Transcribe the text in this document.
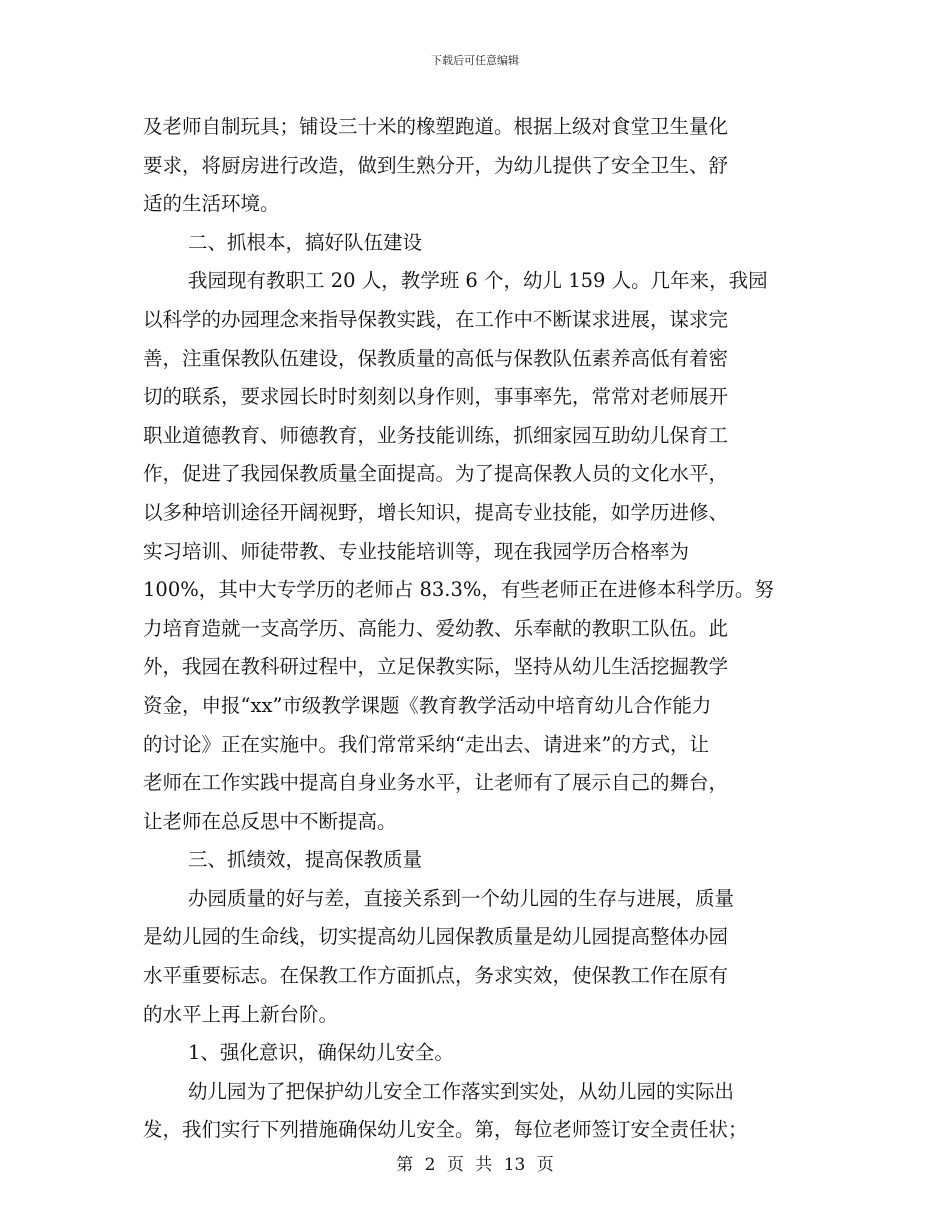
下载后可任意编辑
及老师自制玩具；铺设三十米的橡塑跑道。根据上级对食堂卫生量化
要求，将厨房进行改造，做到生熟分开，为幼儿提供了安全卫生、舒
适的生活环境。
二、抓根本，搞好队伍建设
我园现有教职工 20 人，教学班 6 个，幼儿 159 人。几年来，我园
以科学的办园理念来指导保教实践，在工作中不断谋求进展，谋求完
善，注重保教队伍建设，保教质量的高低与保教队伍素养高低有着密
切的联系，要求园长时时刻刻以身作则，事事率先，常常对老师展开
职业道德教育、师德教育，业务技能训练，抓细家园互助幼儿保育工
作，促进了我园保教质量全面提高。为了提高保教人员的文化水平，
以多种培训途径开阔视野，增长知识，提高专业技能，如学历进修、
实习培训、师徒带教、专业技能培训等，现在我园学历合格率为
100%，其中大专学历的老师占 83.3%，有些老师正在进修本科学历。努
力培育造就一支高学历、高能力、爱幼教、乐奉献的教职工队伍。此
外，我园在教科研过程中，立足保教实际，坚持从幼儿生活挖掘教学
资金，申报“xx”市级教学课题《教育教学活动中培育幼儿合作能力
的讨论》正在实施中。我们常常采纳“走出去、请进来”的方式，让
老师在工作实践中提高自身业务水平，让老师有了展示自己的舞台，
让老师在总反思中不断提高。
三、抓绩效，提高保教质量
办园质量的好与差，直接关系到一个幼儿园的生存与进展，质量
是幼儿园的生命线，切实提高幼儿园保教质量是幼儿园提高整体办园
水平重要标志。在保教工作方面抓点，务求实效，使保教工作在原有
的水平上再上新台阶。
1、强化意识，确保幼儿安全。
幼儿园为了把保护幼儿安全工作落实到实处，从幼儿园的实际出
发，我们实行下列措施确保幼儿安全。第，每位老师签订安全责任状；
第 2 页 共 13 页
